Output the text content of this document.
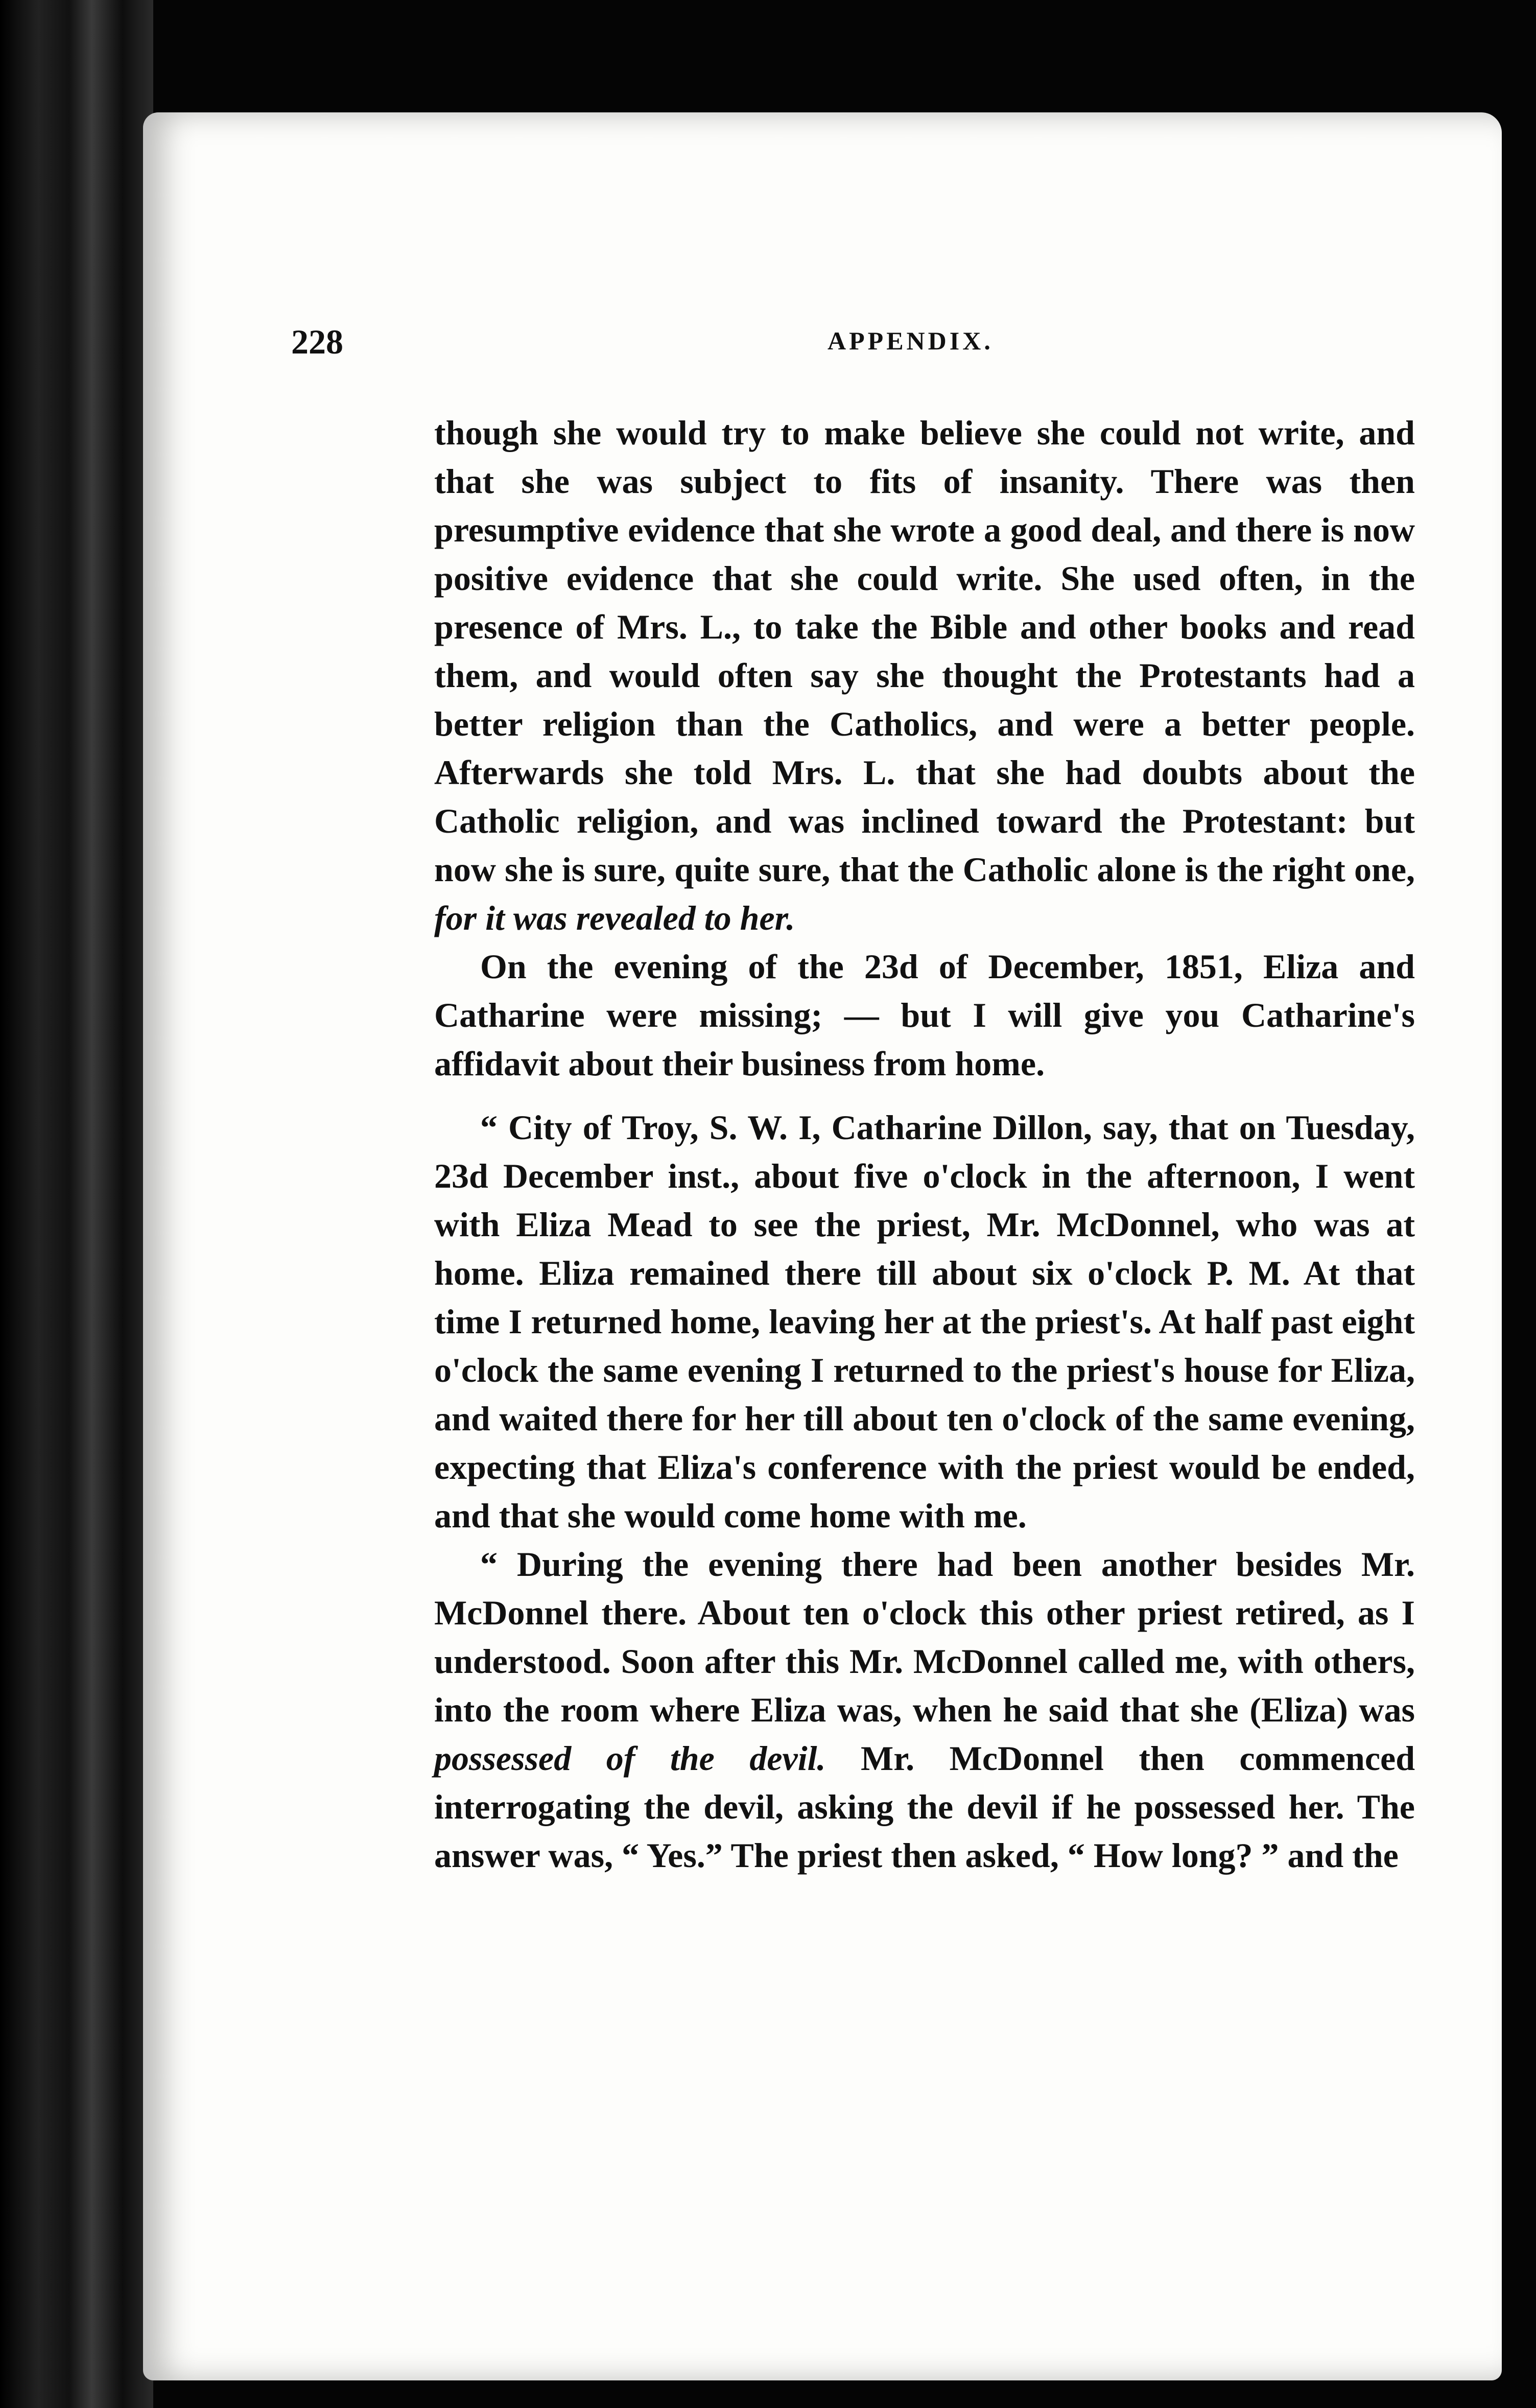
228	APPENDIX.

though she would try to make believe she could not write, and that she was subject to fits of insanity. There was then presumptive evidence that she wrote a good deal, and there is now positive evidence that she could write. She used often, in the presence of Mrs. L., to take the Bible and other books and read them, and would often say she thought the Protestants had a better religion than the Catholics, and were a better people. Afterwards she told Mrs. L. that she had doubts about the Catholic religion, and was inclined toward the Protestant: but now she is sure, quite sure, that the Catholic alone is the right one, for it was revealed to her.

On the evening of the 23d of December, 1851, Eliza and Catharine were missing; — but I will give you Catharine's affidavit about their business from home.

“ City of Troy, S. W. I, Catharine Dillon, say, that on Tuesday, 23d December inst., about five o'clock in the afternoon, I went with Eliza Mead to see the priest, Mr. McDonnel, who was at home. Eliza remained there till about six o'clock P. M. At that time I returned home, leaving her at the priest's. At half past eight o'clock the same evening I returned to the priest's house for Eliza, and waited there for her till about ten o'clock of the same evening, expecting that Eliza's conference with the priest would be ended, and that she would come home with me.

“ During the evening there had been another besides Mr. McDonnel there. About ten o'clock this other priest retired, as I understood. Soon after this Mr. McDonnel called me, with others, into the room where Eliza was, when he said that she (Eliza) was possessed of the devil. Mr. McDonnel then commenced interrogating the devil, asking the devil if he possessed her. The answer was, “ Yes.” The priest then asked, “ How long? ” and the
